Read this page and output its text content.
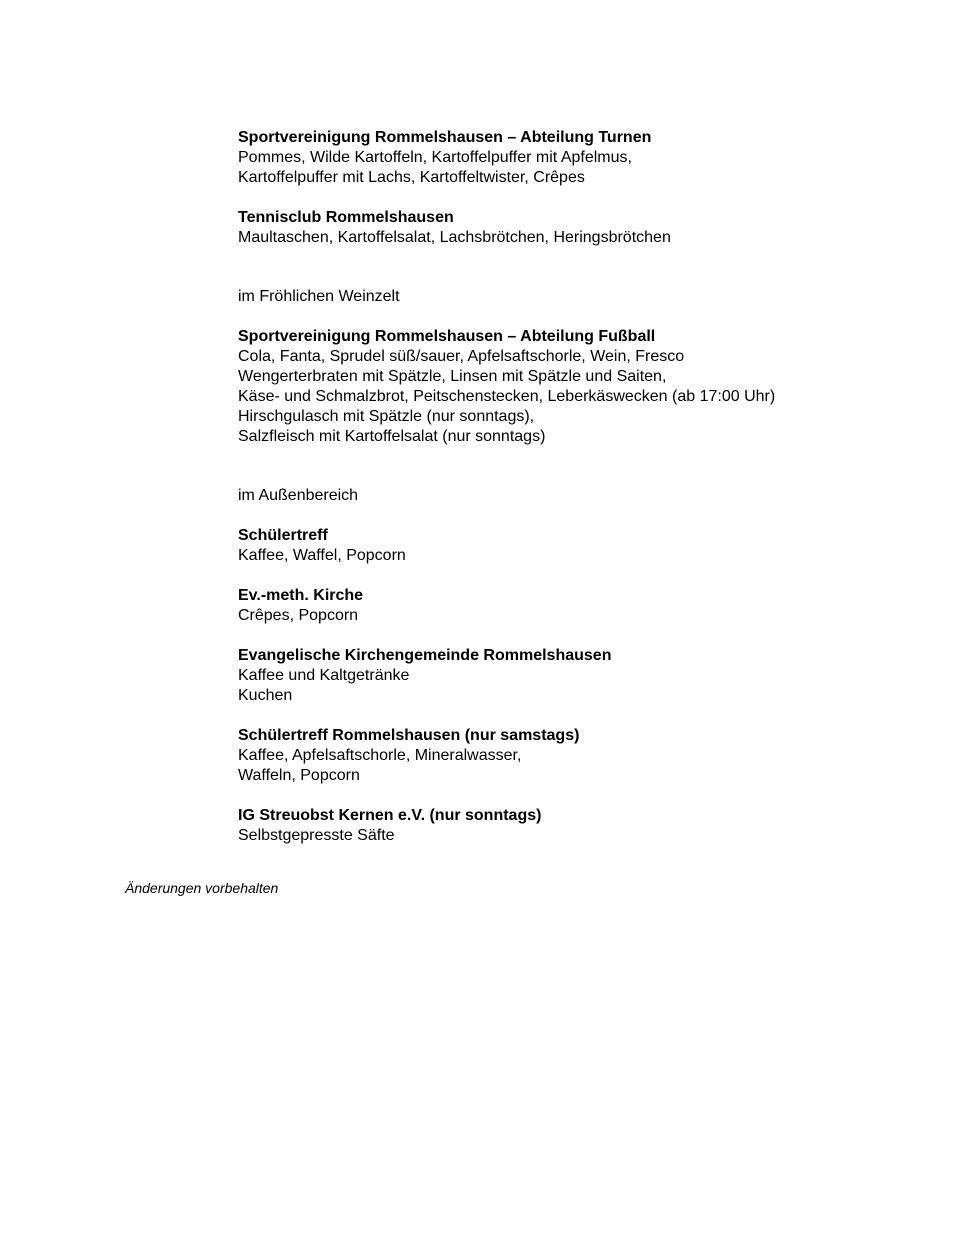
Sportvereinigung Rommelshausen – Abteilung Turnen
Pommes, Wilde Kartoffeln, Kartoffelpuffer mit Apfelmus,
Kartoffelpuffer mit Lachs, Kartoffeltwister, Crêpes
Tennisclub Rommelshausen
Maultaschen, Kartoffelsalat, Lachsbrötchen, Heringsbrötchen
im Fröhlichen Weinzelt
Sportvereinigung Rommelshausen – Abteilung Fußball
Cola, Fanta, Sprudel süß/sauer, Apfelsaftschorle, Wein, Fresco
Wengerterbraten mit Spätzle, Linsen mit Spätzle und Saiten,
Käse- und Schmalzbrot, Peitschenstecken, Leberkäswecken (ab 17:00 Uhr)
Hirschgulasch mit Spätzle (nur sonntags),
Salzfleisch mit Kartoffelsalat (nur sonntags)
im Außenbereich
Schülertreff
Kaffee, Waffel, Popcorn
Ev.-meth. Kirche
Crêpes, Popcorn
Evangelische Kirchengemeinde Rommelshausen
Kaffee und Kaltgetränke
Kuchen
Schülertreff Rommelshausen (nur samstags)
Kaffee, Apfelsaftschorle, Mineralwasser,
Waffeln, Popcorn
IG Streuobst Kernen e.V. (nur sonntags)
Selbstgepresste Säfte
Änderungen vorbehalten
